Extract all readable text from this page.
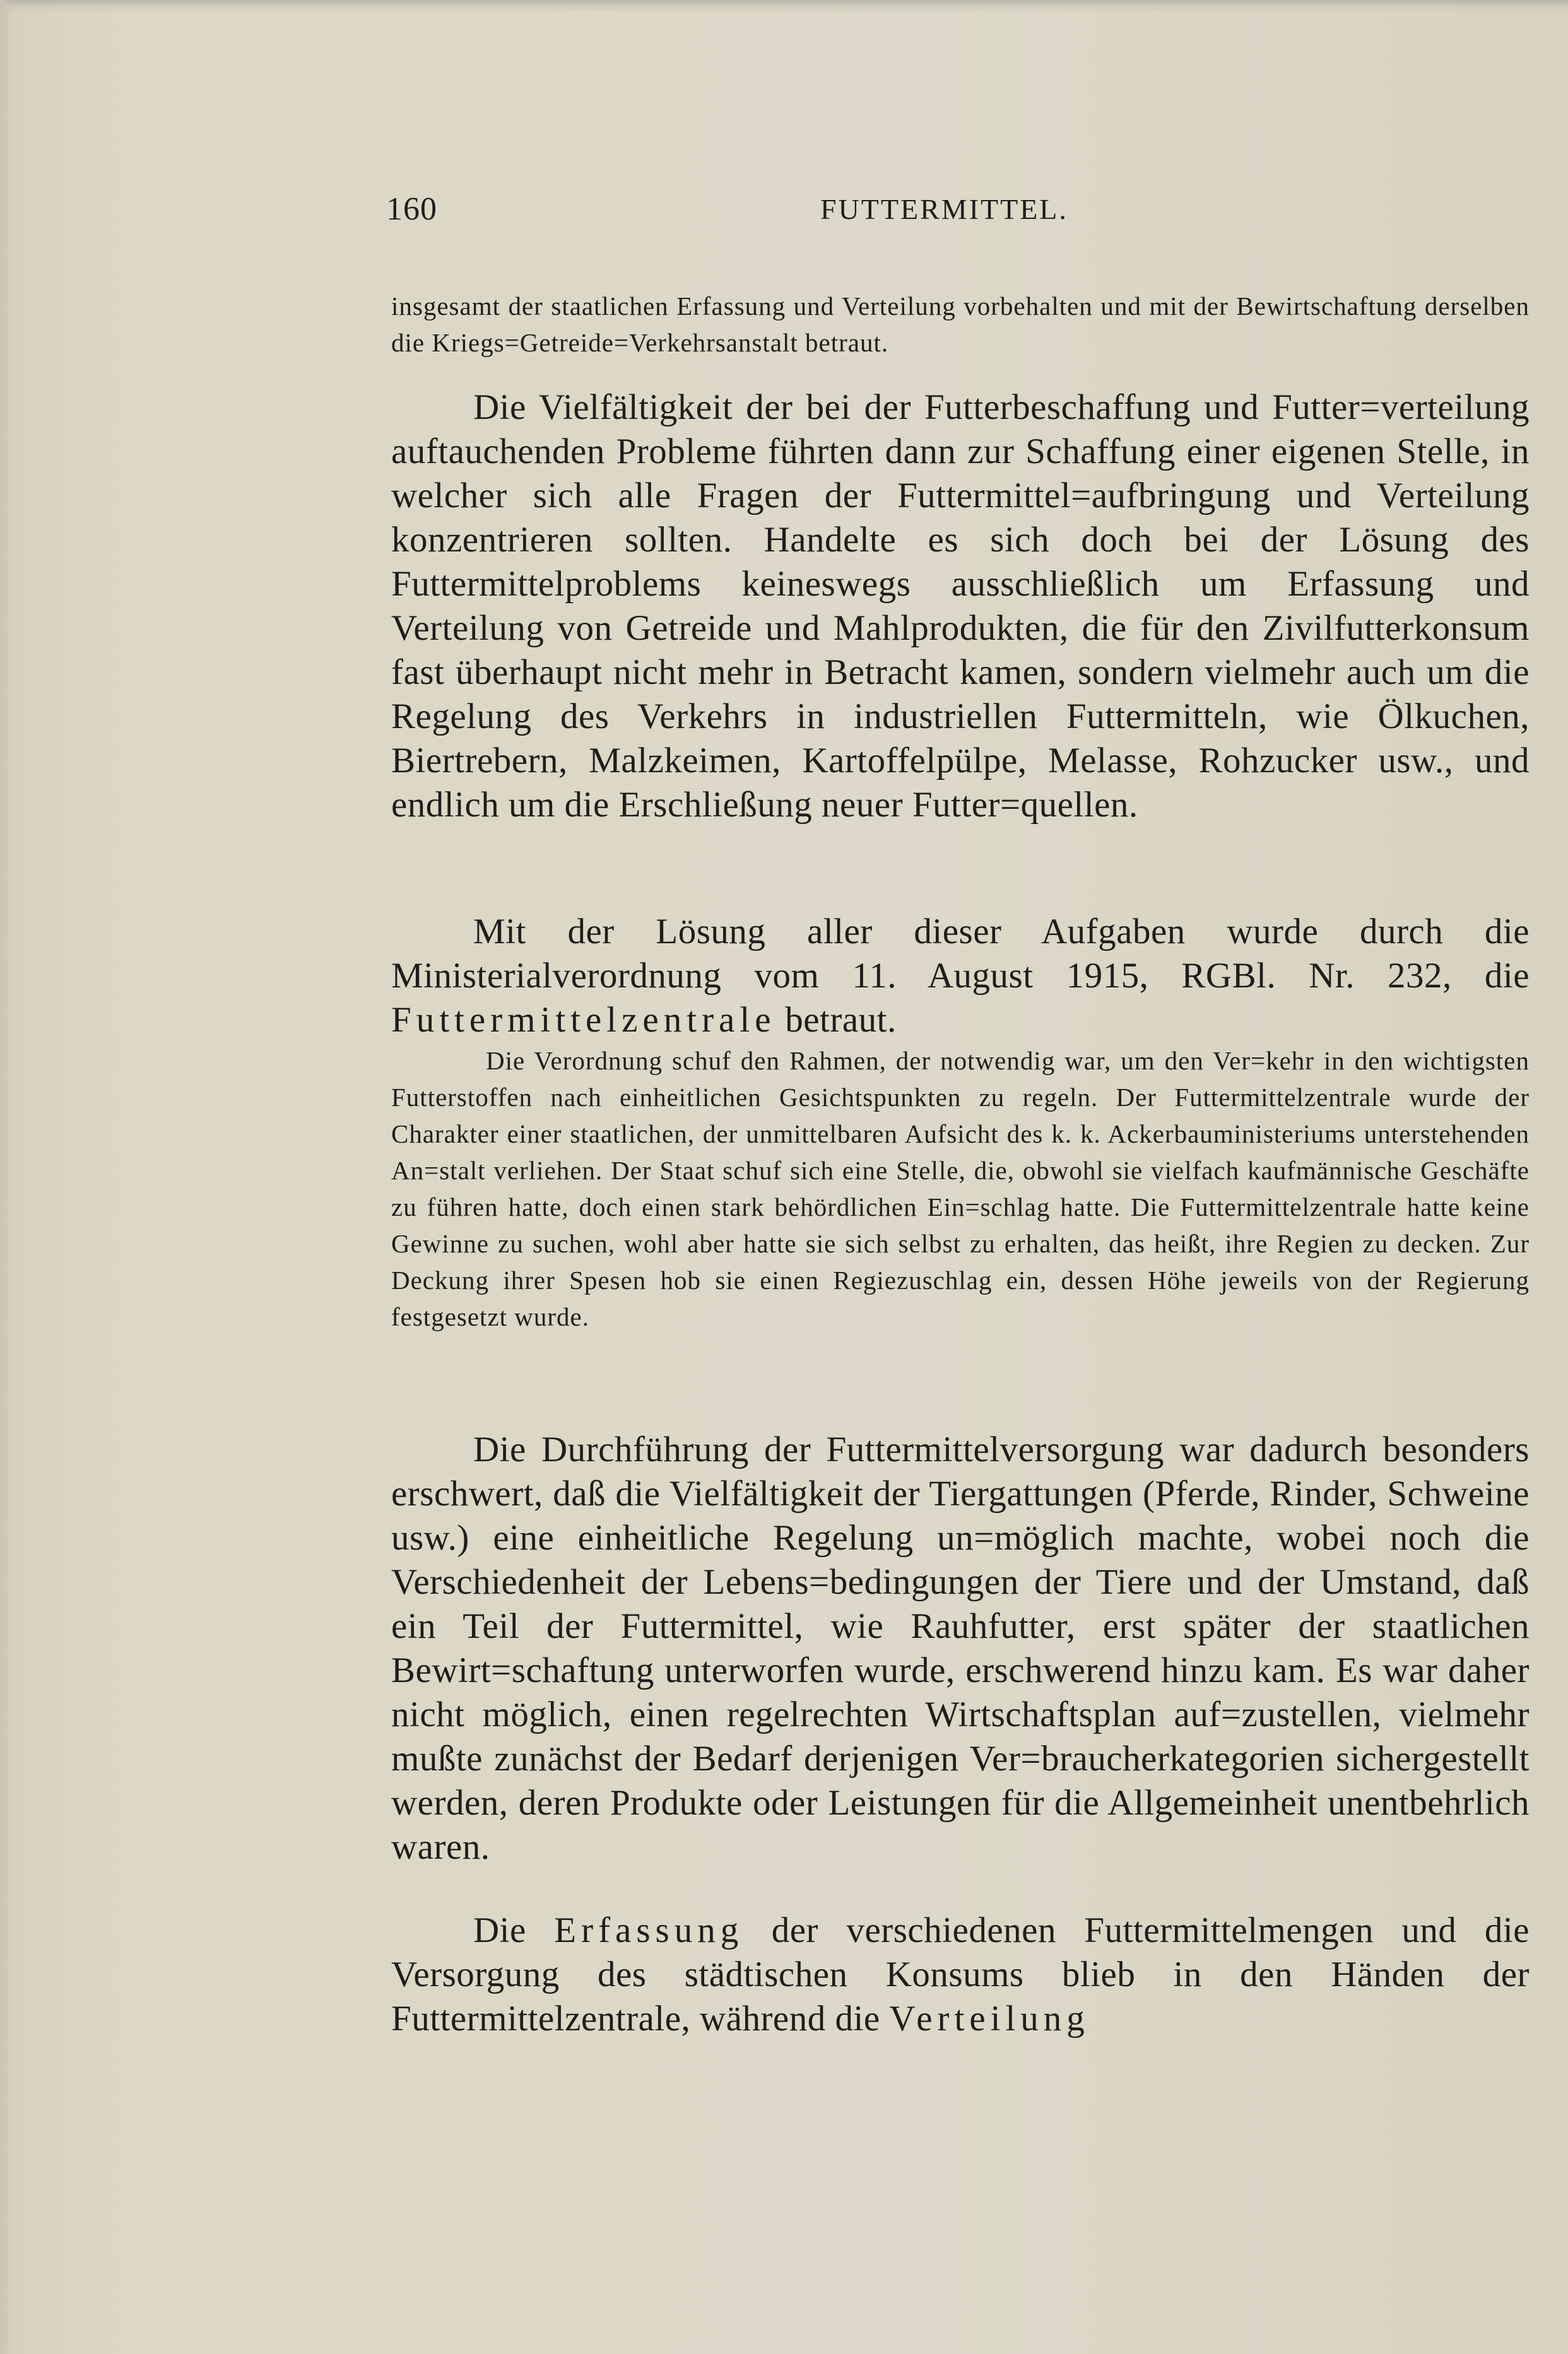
160	FUTTERMITTEL.

insgesamt der staatlichen Erfassung und Verteilung vorbehalten und mit der Bewirtschaftung derselben die Kriegs=Getreide=Verkehrsanstalt betraut.

Die Vielfältigkeit der bei der Futterbeschaffung und Futter=verteilung auftauchenden Probleme führten dann zur Schaffung einer eigenen Stelle, in welcher sich alle Fragen der Futtermittel=aufbringung und Verteilung konzentrieren sollten. Handelte es sich doch bei der Lösung des Futtermittelproblems keineswegs ausschließlich um Erfassung und Verteilung von Getreide und Mahlprodukten, die für den Zivilfutterkonsum fast überhaupt nicht mehr in Betracht kamen, sondern vielmehr auch um die Regelung des Verkehrs in industriellen Futtermitteln, wie Ölkuchen, Biertrebern, Malzkeimen, Kartoffelpülpe, Melasse, Rohzucker usw., und endlich um die Erschließung neuer Futter=quellen.

Mit der Lösung aller dieser Aufgaben wurde durch die Ministerialverordnung vom 11. August 1915, RGBl. Nr. 232, die Futtermittelzentrale betraut.

Die Verordnung schuf den Rahmen, der notwendig war, um den Ver=kehr in den wichtigsten Futterstoffen nach einheitlichen Gesichtspunkten zu regeln. Der Futtermittelzentrale wurde der Charakter einer staatlichen, der unmittelbaren Aufsicht des k. k. Ackerbauministeriums unterstehenden An=stalt verliehen. Der Staat schuf sich eine Stelle, die, obwohl sie vielfach kaufmännische Geschäfte zu führen hatte, doch einen stark behördlichen Ein=schlag hatte. Die Futtermittelzentrale hatte keine Gewinne zu suchen, wohl aber hatte sie sich selbst zu erhalten, das heißt, ihre Regien zu decken. Zur Deckung ihrer Spesen hob sie einen Regiezuschlag ein, dessen Höhe jeweils von der Regierung festgesetzt wurde.

Die Durchführung der Futtermittelversorgung war dadurch besonders erschwert, daß die Vielfältigkeit der Tiergattungen (Pferde, Rinder, Schweine usw.) eine einheitliche Regelung un=möglich machte, wobei noch die Verschiedenheit der Lebens=bedingungen der Tiere und der Umstand, daß ein Teil der Futtermittel, wie Rauhfutter, erst später der staatlichen Bewirt=schaftung unterworfen wurde, erschwerend hinzu kam. Es war daher nicht möglich, einen regelrechten Wirtschaftsplan auf=zustellen, vielmehr mußte zunächst der Bedarf derjenigen Ver=braucherkategorien sichergestellt werden, deren Produkte oder Leistungen für die Allgemeinheit unentbehrlich waren.

Die Erfassung der verschiedenen Futtermittelmengen und die Versorgung des städtischen Konsums blieb in den Händen der Futtermittelzentrale, während die Verteilung
